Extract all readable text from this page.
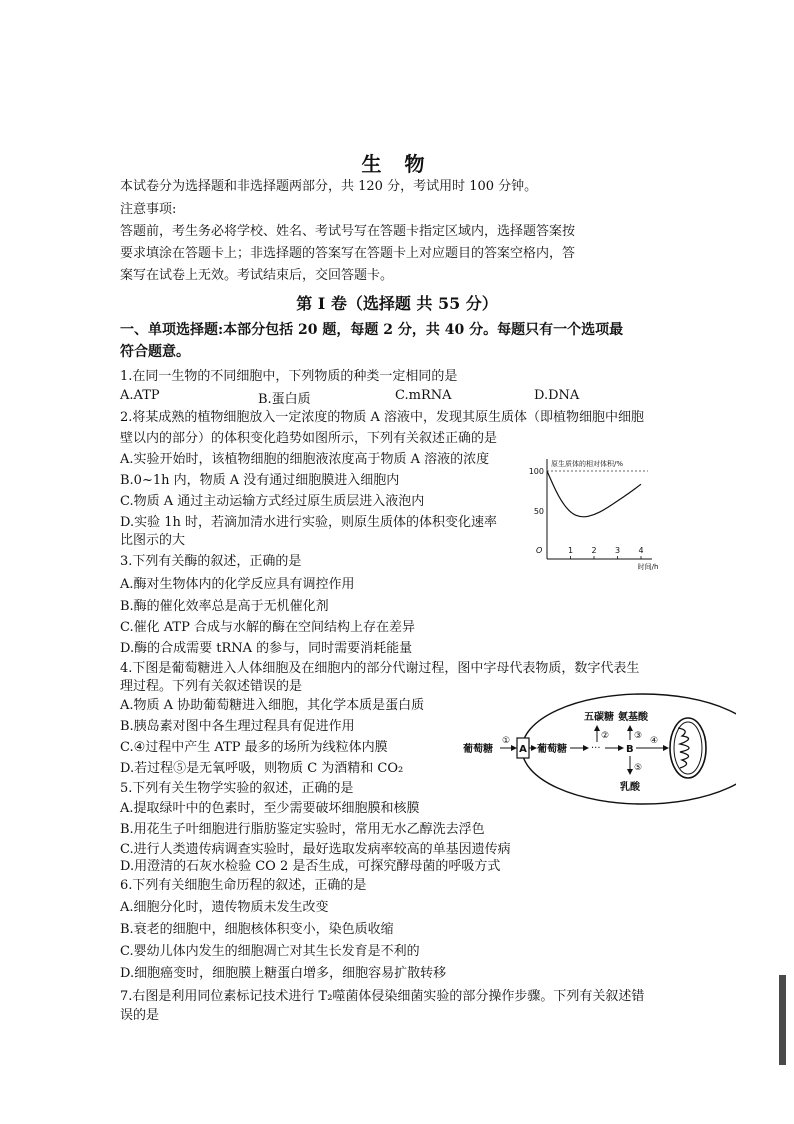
生 物
本试卷分为选择题和非选择题两部分，共 120 分，考试用时 100 分钟。
注意事项:
答题前，考生务必将学校、姓名、考试号写在答题卡指定区域内，选择题答案按
要求填涂在答题卡上；非选择题的答案写在答题卡上对应题目的答案空格内，答
案写在试卷上无效。考试结束后，交回答题卡。
第 I 卷（选择题 共 55 分）
一、单项选择题:本部分包括 20 题，每题 2 分，共 40 分。每题只有一个选项最
符合题意。
1.在同一生物的不同细胞中，下列物质的种类一定相同的是
A.ATP	B.蛋白质	C.mRNA	D.DNA
2.将某成熟的植物细胞放入一定浓度的物质 A 溶液中，发现其原生质体（即植物细胞中细胞
壁以内的部分）的体积变化趋势如图所示，下列有关叙述正确的是
A.实验开始时，该植物细胞的细胞液浓度高于物质 A 溶液的浓度
B.0~1h 内，物质 A 没有通过细胞膜进入细胞内
C.物质 A 通过主动运输方式经过原生质层进入液泡内
D.实验 1h 时，若滴加清水进行实验，则原生质体的体积变化速率
比图示的大
原生质体的相对体积/%
100
50
O	1 2 3 4
时间/h
3.下列有关酶的叙述，正确的是
A.酶对生物体内的化学反应具有调控作用
B.酶的催化效率总是高于无机催化剂
C.催化 ATP 合成与水解的酶在空间结构上存在差异
D.酶的合成需要 tRNA 的参与，同时需要消耗能量
4.下图是葡萄糖进入人体细胞及在细胞内的部分代谢过程，图中字母代表物质，数字代表生
理过程。下列有关叙述错误的是
A.物质 A 协助葡萄糖进入细胞，其化学本质是蛋白质
B.胰岛素对图中各生理过程具有促进作用
C.④过程中产生 ATP 最多的场所为线粒体内膜
D.若过程⑤是无氧呼吸，则物质 C 为酒精和 CO₂
葡萄糖
①
A 葡萄糖 ···	B
五碳糖 氨基酸
②	③
⑤
乳酸
④
5.下列有关生物学实验的叙述，正确的是
A.提取绿叶中的色素时，至少需要破坏细胞膜和核膜
B.用花生子叶细胞进行脂肪鉴定实验时，常用无水乙醇洗去浮色
C.进行人类遗传病调查实验时，最好选取发病率较高的单基因遗传病
D.用澄清的石灰水检验 CO 2 是否生成，可探究酵母菌的呼吸方式
6.下列有关细胞生命历程的叙述，正确的是
A.细胞分化时，遗传物质未发生改变
B.衰老的细胞中，细胞核体积变小，染色质收缩
C.婴幼儿体内发生的细胞凋亡对其生长发育是不利的
D.细胞癌变时，细胞膜上糖蛋白增多，细胞容易扩散转移
7.右图是利用同位素标记技术进行 T₂噬菌体侵染细菌实验的部分操作步骤。下列有关叙述错
误的是
